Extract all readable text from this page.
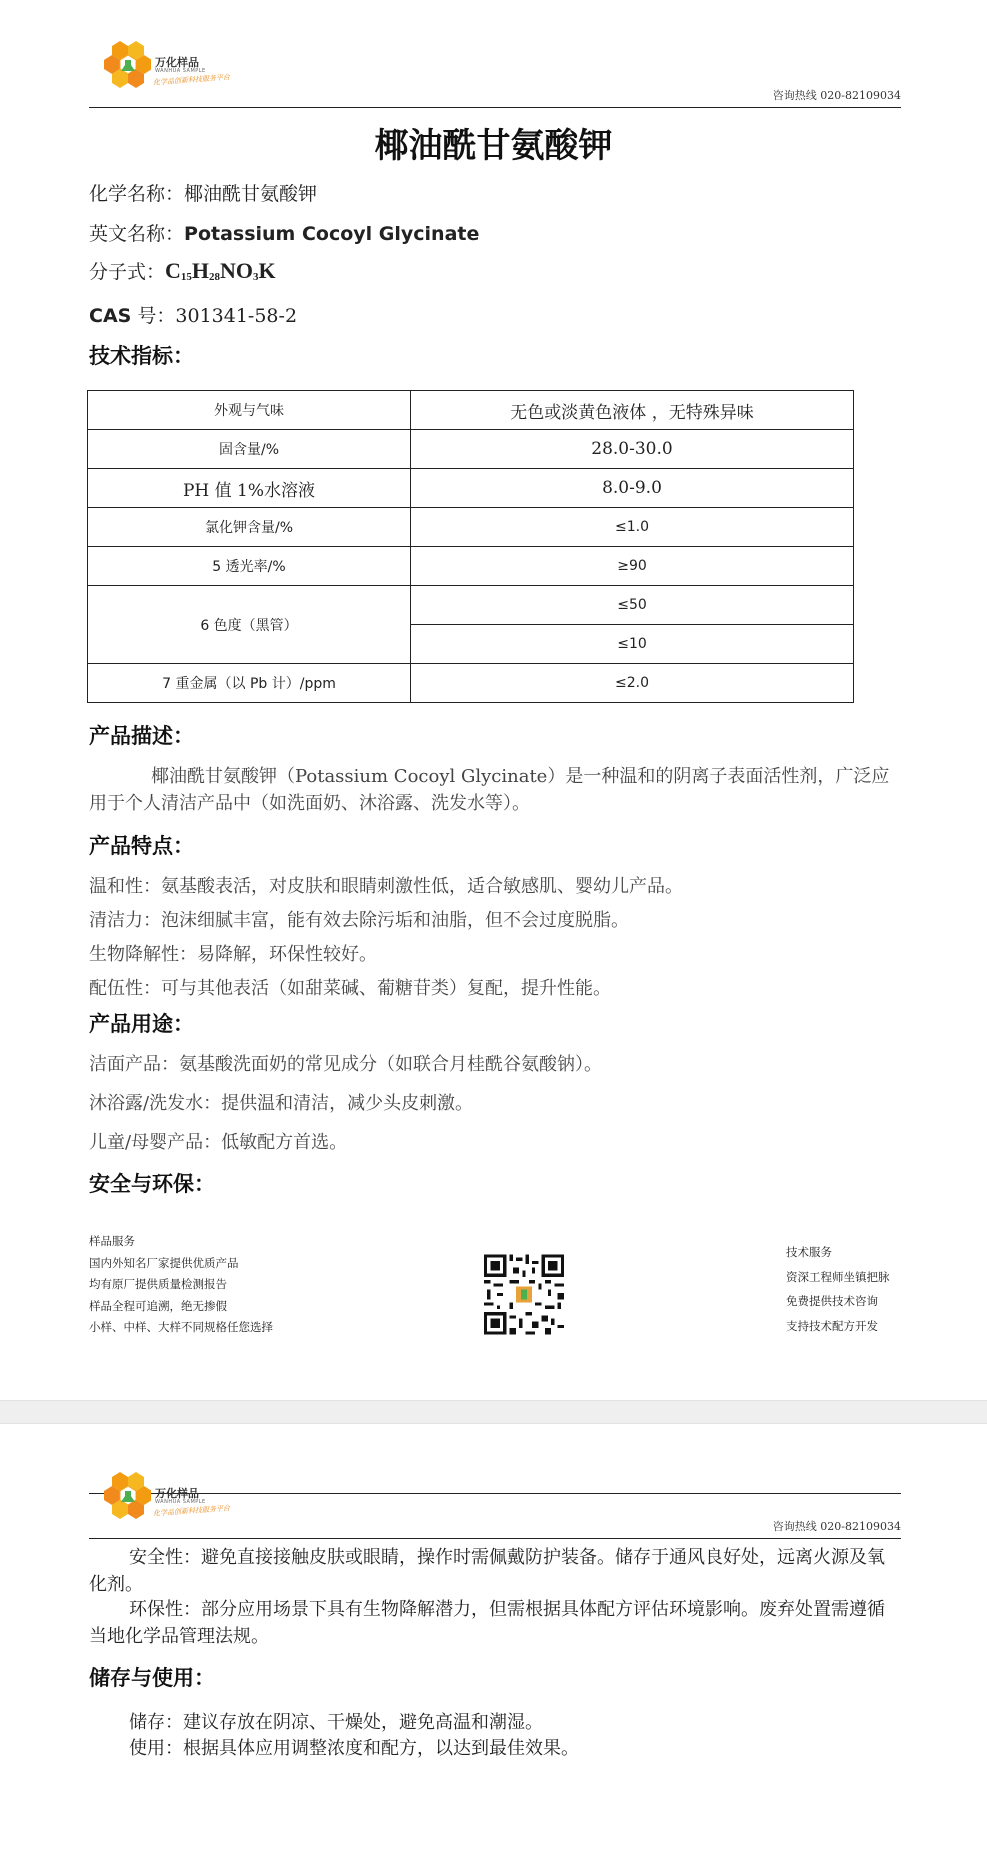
万化样品
WANHUA SAMPLE
化学品创新科技服务平台
咨询热线 020-82109034
椰油酰甘氨酸钾
化学名称：椰油酰甘氨酸钾
英文名称：Potassium Cocoyl Glycinate
分子式：$C_{15}H_{28}NO_3K$
CAS 号：301341-58-2
技术指标：
外观与气味	无色或淡黄色液体 ，无特殊异味
固含量/%	28.0-30.0
PH 值 1%水溶液	8.0-9.0
氯化钾含量/%	≤1.0
5 透光率/%	≥90
6 色度（黑管）	≤50
	≤10
7 重金属（以 Pb 计）/ppm	≤2.0
产品描述：
椰油酰甘氨酸钾（Potassium Cocoyl Glycinate）是一种温和的阴离子表面活性剂，广泛应用于个人清洁产品中（如洗面奶、沐浴露、洗发水等）。
产品特点：
温和性：氨基酸表活，对皮肤和眼睛刺激性低，适合敏感肌、婴幼儿产品。
清洁力：泡沫细腻丰富，能有效去除污垢和油脂，但不会过度脱脂。
生物降解性：易降解，环保性较好。
配伍性：可与其他表活（如甜菜碱、葡糖苷类）复配，提升性能。
产品用途：
洁面产品：氨基酸洗面奶的常见成分（如联合月桂酰谷氨酸钠）。
沐浴露/洗发水：提供温和清洁，减少头皮刺激。
儿童/母婴产品：低敏配方首选。
安全与环保：
样品服务
国内外知名厂家提供优质产品
均有原厂提供质量检测报告
样品全程可追溯，绝无掺假
小样、中样、大样不同规格任您选择
技术服务
资深工程师坐镇把脉
免费提供技术咨询
支持技术配方开发
万化样品
WANHUA SAMPLE
化学品创新科技服务平台
咨询热线 020-82109034
安全性：避免直接接触皮肤或眼睛，操作时需佩戴防护装备。储存于通风良好处，远离火源及氧化剂。
环保性：部分应用场景下具有生物降解潜力，但需根据具体配方评估环境影响。废弃处置需遵循当地化学品管理法规。
储存与使用：
储存：建议存放在阴凉、干燥处，避免高温和潮湿。
使用：根据具体应用调整浓度和配方，以达到最佳效果。
